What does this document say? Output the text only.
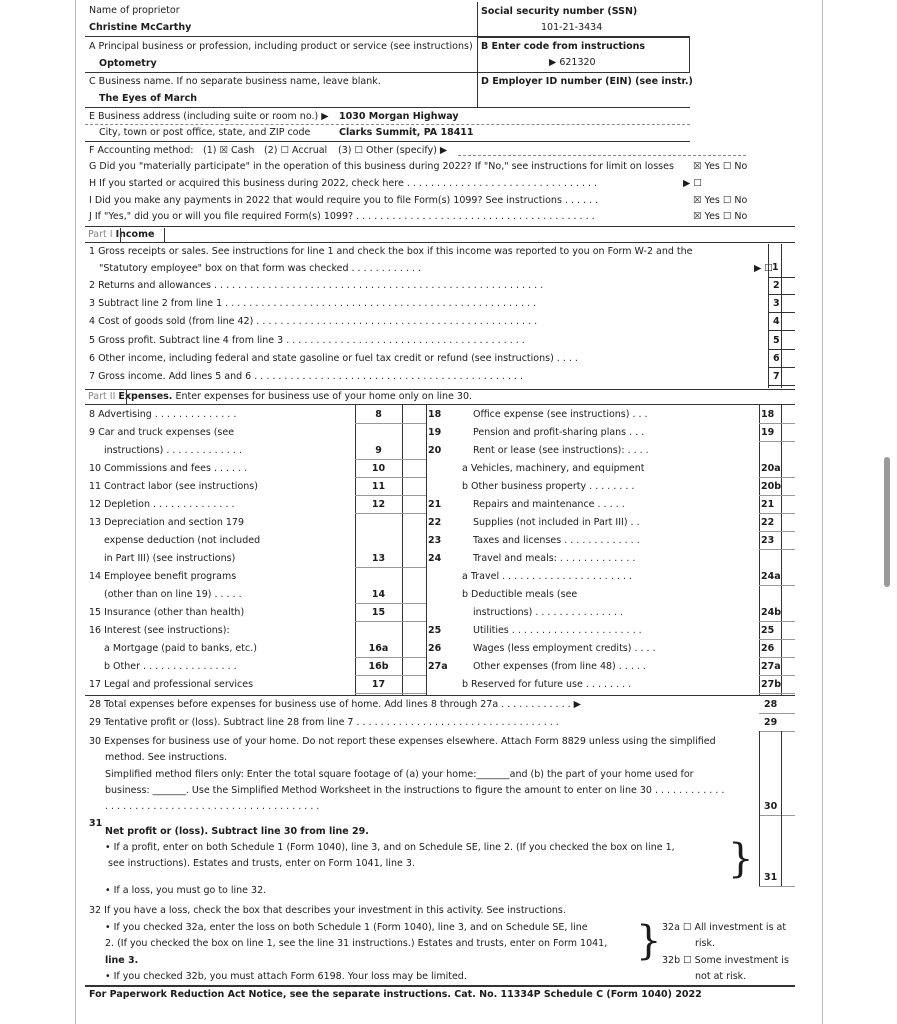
Name of proprietor
Christine McCarthy
Social security number (SSN)
101-21-3434
A Principal business or profession, including product or service (see instructions)
Optometry
B Enter code from instructions
▶ 621320
C Business name. If no separate business name, leave blank.
The Eyes of March
D Employer ID number (EIN) (see instr.)
E Business address (including suite or room no.) ▶ 1030 Morgan Highway
City, town or post office, state, and ZIP code	Clarks Summit, PA 18411
F Accounting method: (1) ☒ Cash (2) ☐ Accrual (3) ☐ Other (specify) ▶
G Did you "materially participate" in the operation of this business during 2022? If "No," see instructions for limit on losses ☒ Yes ☐ No
H If you started or acquired this business during 2022, check here . . . . . . . . . . . . . . . . . . . . . . . . . . . . . . . .	▶ ☐
I Did you make any payments in 2022 that would require you to file Form(s) 1099? See instructions . . . . . .	☒ Yes ☐ No
J If "Yes," did you or will you file required Form(s) 1099? . . . . . . . . . . . . . . . . . . . . . . . . . . . . . . . . . . . . . . . .	☒ Yes ☐ No
Part I Income
1 Gross receipts or sales. See instructions for line 1 and check the box if this income was reported to you on Form W-2 and the
"Statutory employee" box on that form was checked . . . . . . . . . . . .	▶ ☐ 1
2 Returns and allowances . . . . . . . . . . . . . . . . . . . . . . . . . . . . . . . . . . . . . . . . . . . . . . . . . . . . . . .	2
3 Subtract line 2 from line 1 . . . . . . . . . . . . . . . . . . . . . . . . . . . . . . . . . . . . . . . . . . . . . . . . . . . .	3
4 Cost of goods sold (from line 42) . . . . . . . . . . . . . . . . . . . . . . . . . . . . . . . . . . . . . . . . . . . . . . .	4
5 Gross profit. Subtract line 4 from line 3 . . . . . . . . . . . . . . . . . . . . . . . . . . . . . . . . . . . . . . . .	5
6 Other income, including federal and state gasoline or fuel tax credit or refund (see instructions) . . . .	6
7 Gross income. Add lines 5 and 6 . . . . . . . . . . . . . . . . . . . . . . . . . . . . . . . . . . . . . . . . . . . . .	7
Part II Expenses. Enter expenses for business use of your home only on line 30.
8 Advertising . . . . . . . . . . . . . .	8
9 Car and truck expenses (see
instructions) . . . . . . . . . . . . .	9
10 Commissions and fees . . . . . .	10
11 Contract labor (see instructions)	11
12 Depletion . . . . . . . . . . . . . .	12
13 Depreciation and section 179
expense deduction (not included
in Part III) (see instructions)	13
14 Employee benefit programs
(other than on line 19) . . . . .	14
15 Insurance (other than health)	15
16 Interest (see instructions):
a Mortgage (paid to banks, etc.)	16a
b Other . . . . . . . . . . . . . . . .	16b
17 Legal and professional services	17
18	Office expense (see instructions) . . .	18
19	Pension and profit-sharing plans . . .	19
20	Rent or lease (see instructions): . . . .
a Vehicles, machinery, and equipment	20a
b Other business property . . . . . . . .	20b
21	Repairs and maintenance . . . . .	21
22	Supplies (not included in Part III) . .	22
23	Taxes and licenses . . . . . . . . . . . . .	23
24	Travel and meals: . . . . . . . . . . . . .
a Travel . . . . . . . . . . . . . . . . . . . . . .	24a
b Deductible meals (see
instructions) . . . . . . . . . . . . . . .	24b
25	Utilities . . . . . . . . . . . . . . . . . . . . . .	25
26	Wages (less employment credits) . . . .	26
27a	Other expenses (from line 48) . . . . .	27a
b Reserved for future use . . . . . . . .	27b
28 Total expenses before expenses for business use of home. Add lines 8 through 27a . . . . . . . . . . . . ▶	28
29 Tentative profit or (loss). Subtract line 28 from line 7 . . . . . . . . . . . . . . . . . . . . . . . . . . . . . . . . . .	29
30 Expenses for business use of your home. Do not report these expenses elsewhere. Attach Form 8829 unless using the simplified
method. See instructions.
Simplified method filers only: Enter the total square footage of (a) your home:_______and (b) the part of your home used for
business: _______. Use the Simplified Method Worksheet in the instructions to figure the amount to enter on line 30 . . . . . . . . . . . .
. . . . . . . . . . . . . . . . . . . . . . . . . . . . . . . . . . . .	30
31
Net profit or (loss). Subtract line 30 from line 29.
• If a profit, enter on both Schedule 1 (Form 1040), line 3, and on Schedule SE, line 2. (If you checked the box on line 1,
see instructions). Estates and trusts, enter on Form 1041, line 3.	} 31
• If a loss, you must go to line 32.
32 If you have a loss, check the box that describes your investment in this activity. See instructions.
• If you checked 32a, enter the loss on both Schedule 1 (Form 1040), line 3, and on Schedule SE, line
2. (If you checked the box on line 1, see the line 31 instructions.) Estates and trusts, enter on Form 1041,
line 3.
• If you checked 32b, you must attach Form 6198. Your loss may be limited.
} 32a ☐ All investment is at
risk.
32b ☐ Some investment is
not at risk.
For Paperwork Reduction Act Notice, see the separate instructions. Cat. No. 11334P Schedule C (Form 1040) 2022
